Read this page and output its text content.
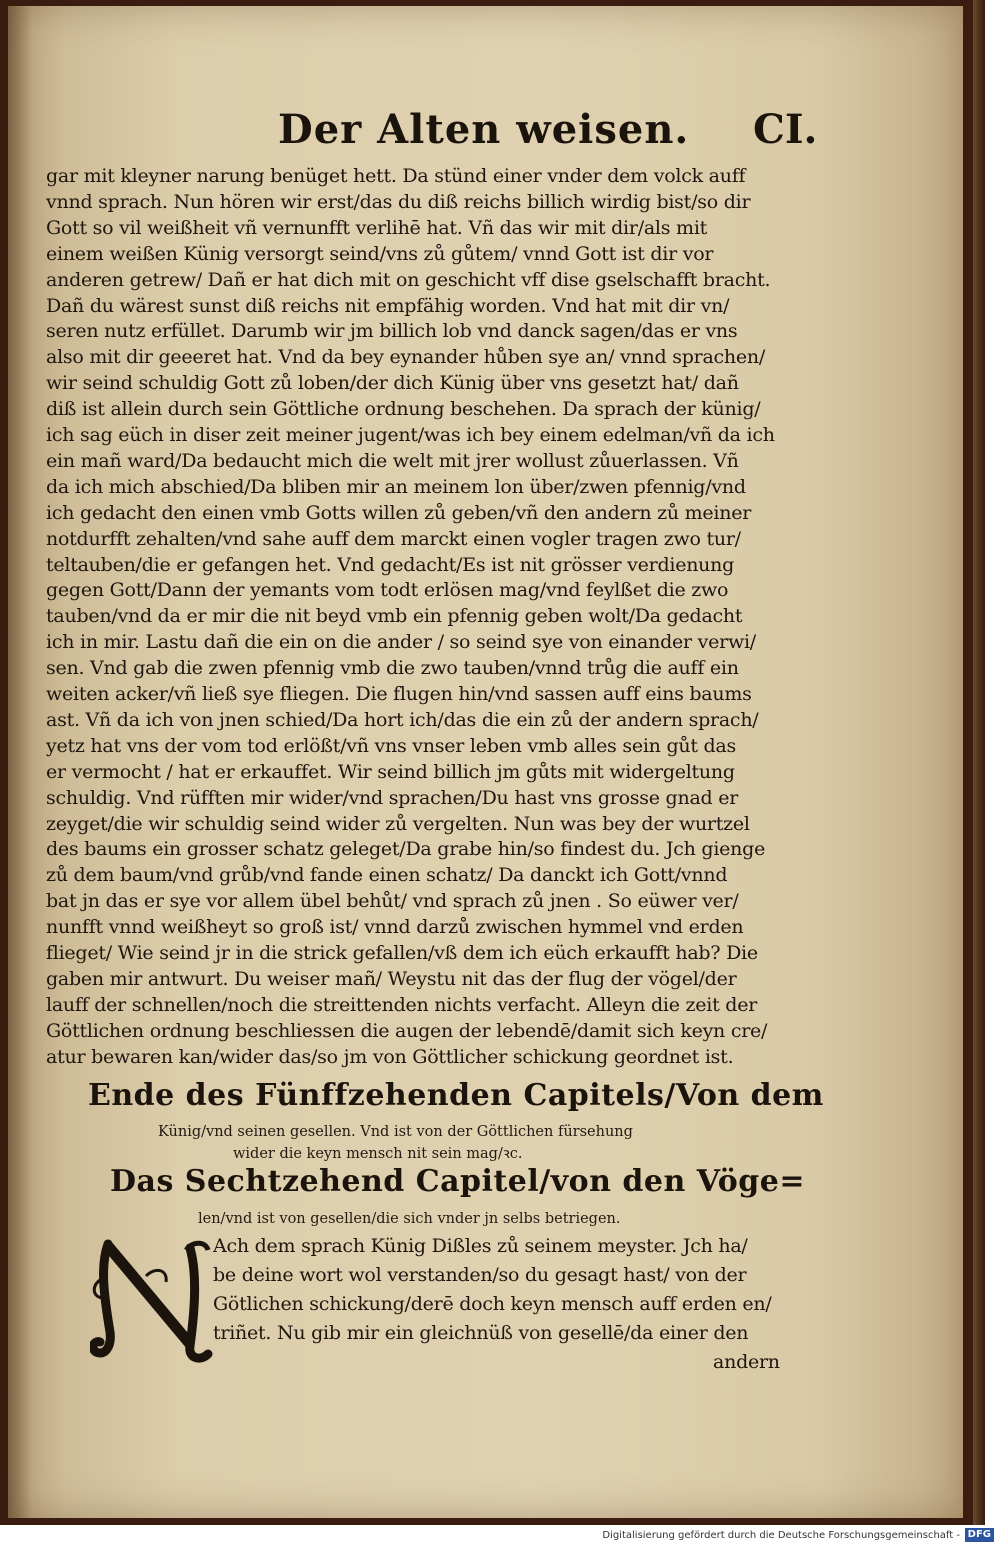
Der Alten weisen. CI.
gar mit kleyner narung benüget hett. Da stünd einer vnder dem volck auff
vnnd sprach. Nun hören wir erst/das du diß reichs billich wirdig bist/so dir
Gott so vil weißheit vñ vernunfft verlihē hat. Vñ das wir mit dir/als mit
einem weißen Künig versorgt seind/vns zů gůtem/ vnnd Gott ist dir vor
anderen getrew/ Dañ er hat dich mit on geschicht vff dise gselschafft bracht.
Dañ du wärest sunst diß reichs nit empfähig worden. Vnd hat mit dir vn/
seren nutz erfüllet. Darumb wir jm billich lob vnd danck sagen/das er vns
also mit dir geeeret hat. Vnd da bey eynander hůben sye an/ vnnd sprachen/
wir seind schuldig Gott zů loben/der dich Künig über vns gesetzt hat/ dañ
diß ist allein durch sein Göttliche ordnung beschehen. Da sprach der künig/
ich sag eüch in diser zeit meiner jugent/was ich bey einem edelman/vñ da ich
ein mañ ward/Da bedaucht mich die welt mit jrer wollust zůuerlassen. Vñ
da ich mich abschied/Da bliben mir an meinem lon über/zwen pfennig/vnd
ich gedacht den einen vmb Gotts willen zů geben/vñ den andern zů meiner
notdurfft zehalten/vnd sahe auff dem marckt einen vogler tragen zwo tur/
teltauben/die er gefangen het. Vnd gedacht/Es ist nit grösser verdienung
gegen Gott/Dann der yemants vom todt erlösen mag/vnd feylßet die zwo
tauben/vnd da er mir die nit beyd vmb ein pfennig geben wolt/Da gedacht
ich in mir. Lastu dañ die ein on die ander / so seind sye von einander verwi/
sen. Vnd gab die zwen pfennig vmb die zwo tauben/vnnd trůg die auff ein
weiten acker/vñ ließ sye fliegen. Die flugen hin/vnd sassen auff eins baums
ast. Vñ da ich von jnen schied/Da hort ich/das die ein zů der andern sprach/
yetz hat vns der vom tod erlößt/vñ vns vnser leben vmb alles sein gůt das
er vermocht / hat er erkauffet. Wir seind billich jm gůts mit widergeltung
schuldig. Vnd rüfften mir wider/vnd sprachen/Du hast vns grosse gnad er
zeyget/die wir schuldig seind wider zů vergelten. Nun was bey der wurtzel
des baums ein grosser schatz geleget/Da grabe hin/so findest du. Jch gienge
zů dem baum/vnd grůb/vnd fande einen schatz/ Da danckt ich Gott/vnnd
bat jn das er sye vor allem übel behůt/ vnd sprach zů jnen . So eüwer ver/
nunfft vnnd weißheyt so groß ist/ vnnd darzů zwischen hymmel vnd erden
flieget/ Wie seind jr in die strick gefallen/vß dem ich eüch erkaufft hab? Die
gaben mir antwurt. Du weiser mañ/ Weystu nit das der flug der vögel/der
lauff der schnellen/noch die streittenden nichts verfacht. Alleyn die zeit der
Göttlichen ordnung beschliessen die augen der lebendē/damit sich keyn cre/
atur bewaren kan/wider das/so jm von Göttlicher schickung geordnet ist.
Ende des Fünffzehenden Capitels/Von dem
Künig/vnd seinen gesellen. Vnd ist von der Göttlichen fürsehung
wider die keyn mensch nit sein mag/ꝛc.
Das Sechtzehend Capitel/von den Vöge=
len/vnd ist von gesellen/die sich vnder jn selbs betriegen.
Ach dem sprach Künig Dißles zů seinem meyster. Jch ha/
be deine wort wol verstanden/so du gesagt hast/ von der
Götlichen schickung/derē doch keyn mensch auff erden en/
triñet. Nu gib mir ein gleichnüß von gesellē/da einer den
andern
Digitalisierung gefördert durch die Deutsche Forschungsgemeinschaft - DFG
